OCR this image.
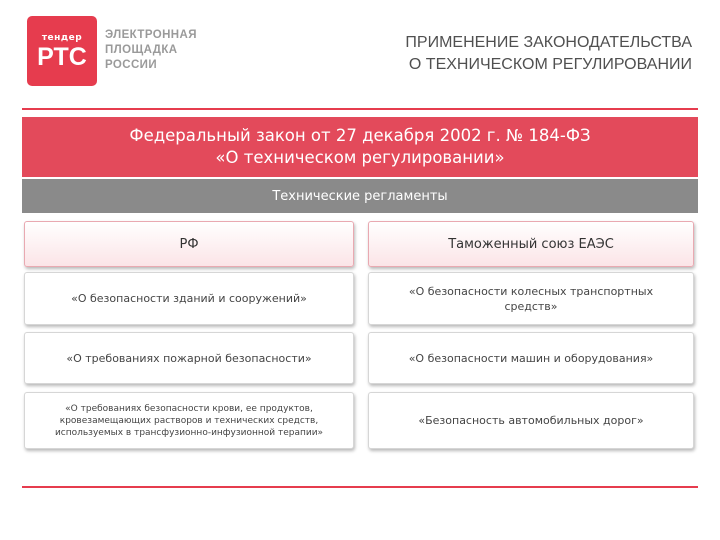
тендер
РТС
ЭЛЕКТРОННАЯ
ПЛОЩАДКА
РОССИИ
ПРИМЕНЕНИЕ ЗАКОНОДАТЕЛЬСТВА
О ТЕХНИЧЕСКОМ РЕГУЛИРОВАНИИ
Федеральный закон от 27 декабря 2002 г. № 184-ФЗ
«О техническом регулировании»
Технические регламенты
РФ	Таможенный союз ЕАЭС
«О безопасности зданий и сооружений»
«О безопасности колесных транспортных
средств»
«О требованиях пожарной безопасности»	«О безопасности машин и оборудования»
«О требованиях безопасности крови, ее продуктов,
кровезамещающих растворов и технических средств,
используемых в трансфузионно-инфузионной терапии»
«Безопасность автомобильных дорог»
